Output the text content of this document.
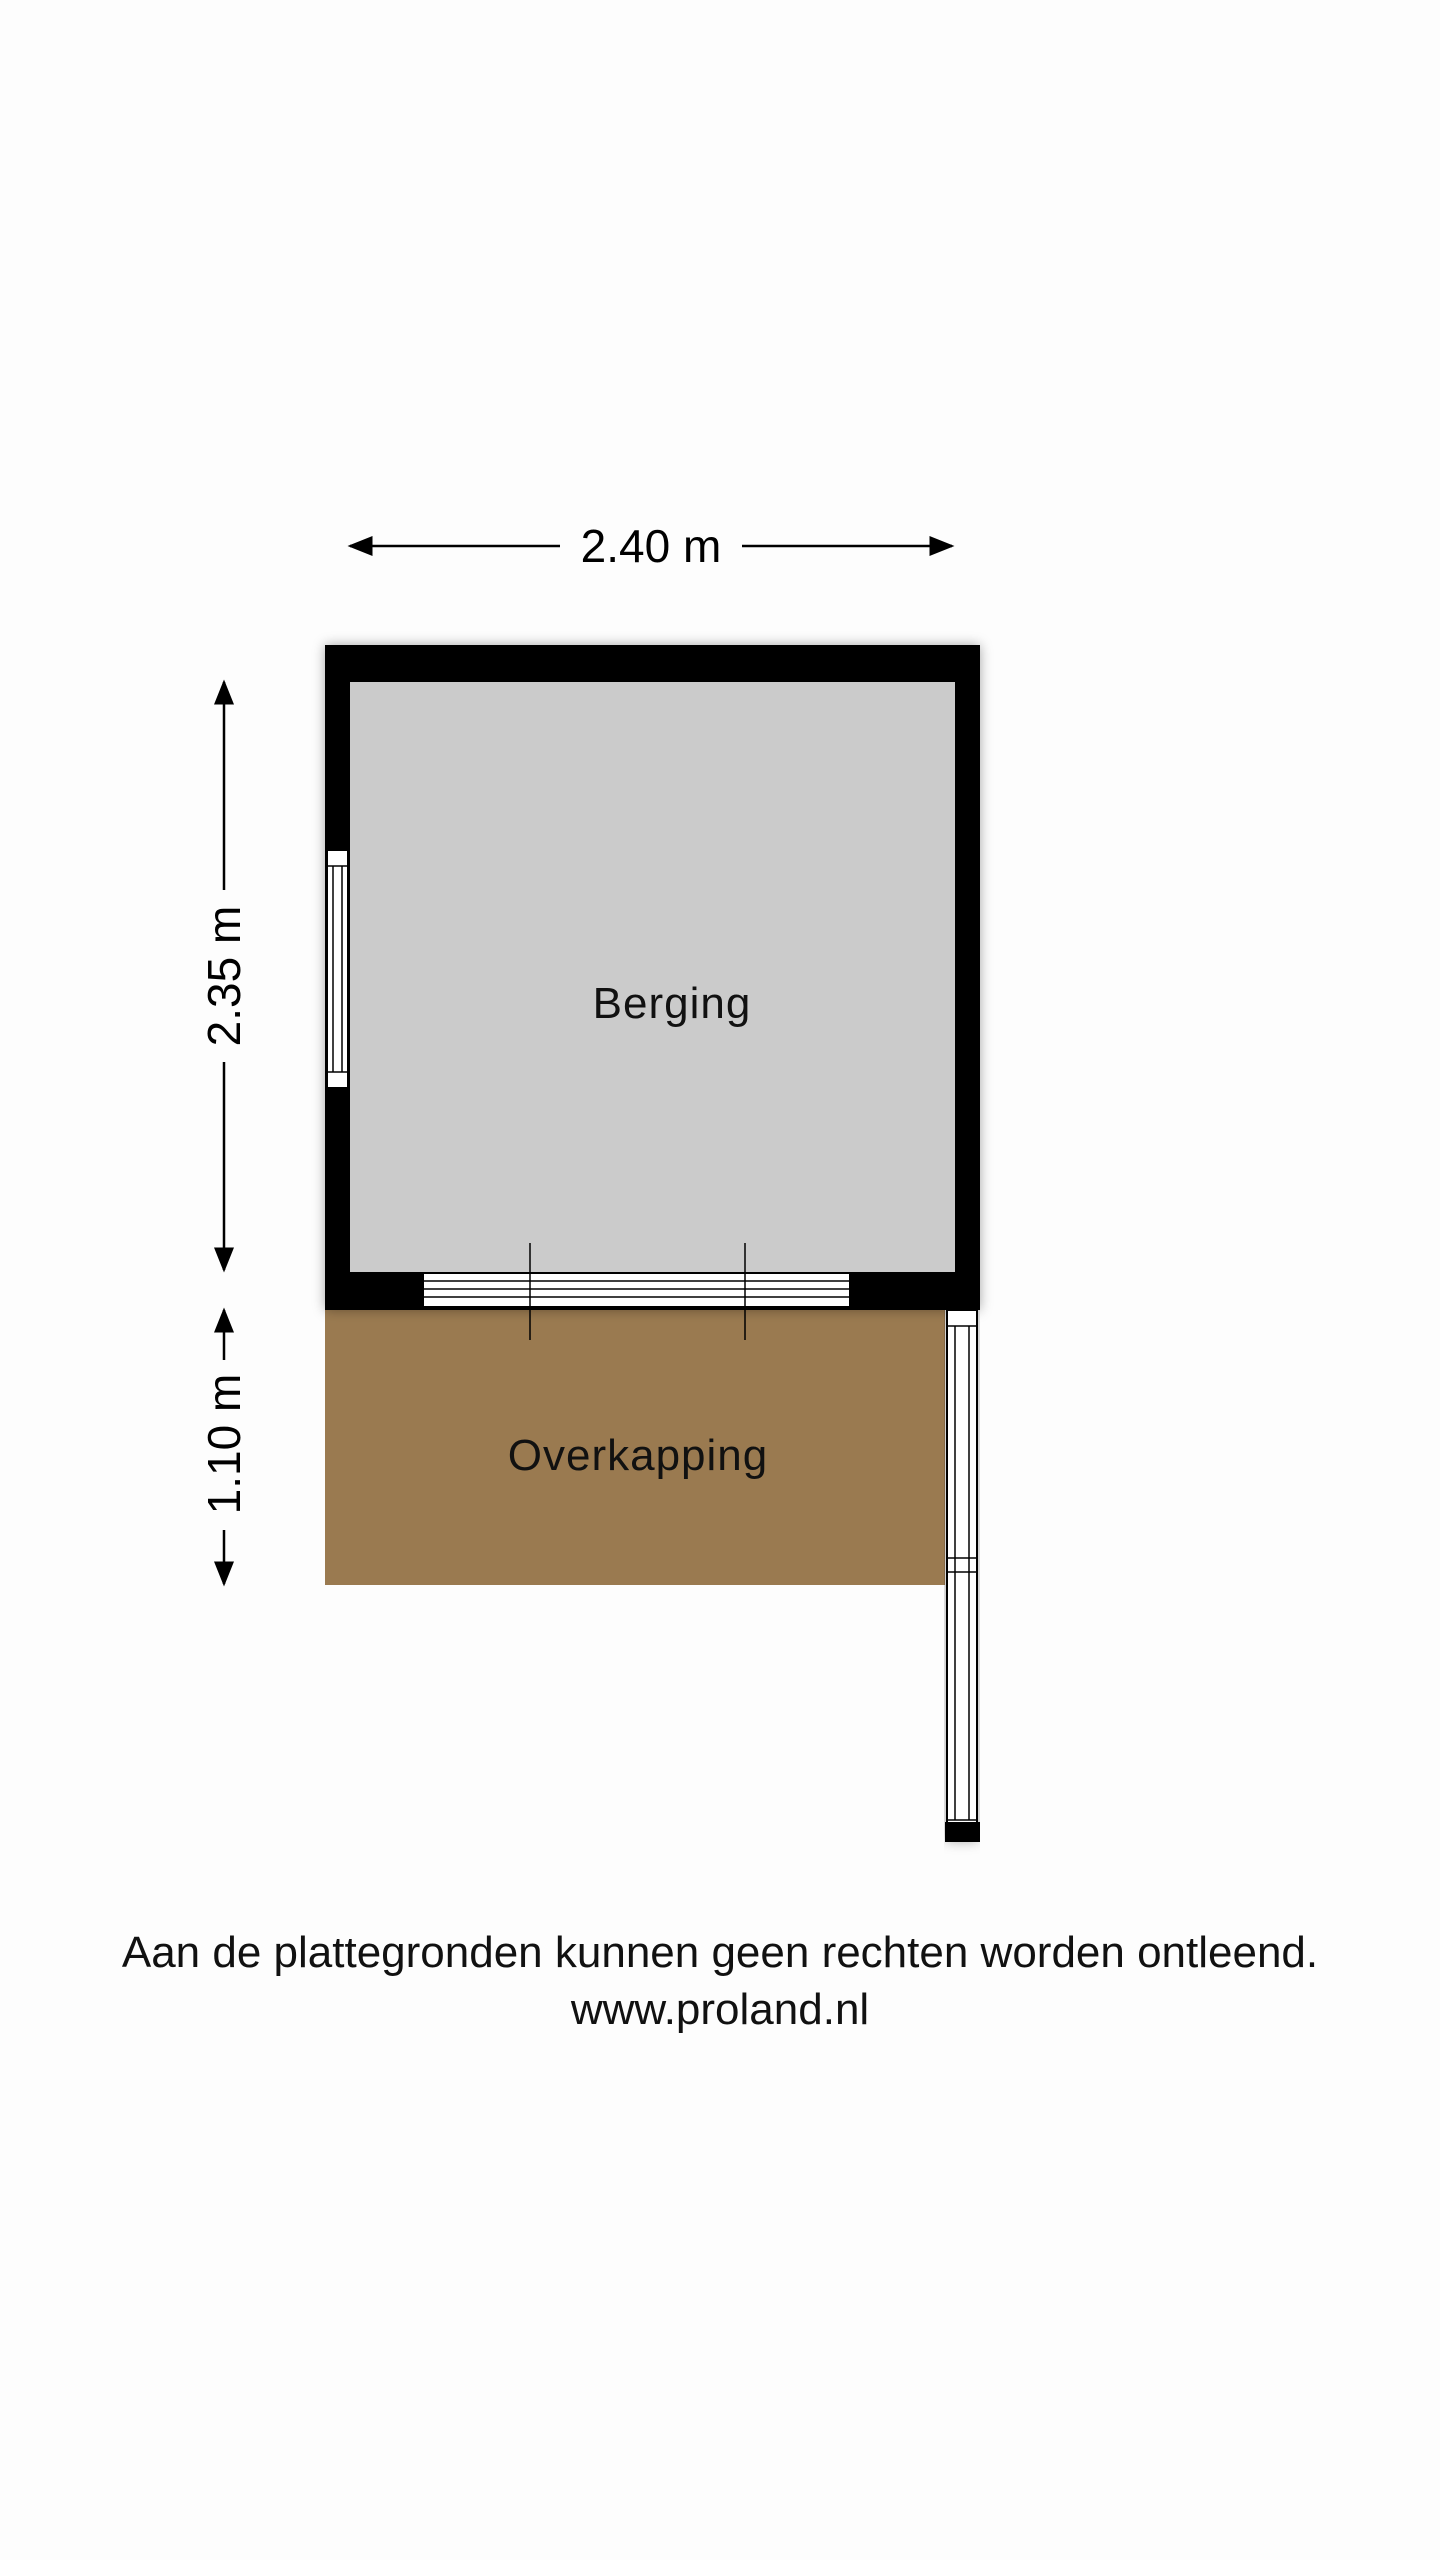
2.40 m
2.35 m
1.10 m
Berging
Overkapping
Aan de plattegronden kunnen geen rechten worden ontleend.
www.proland.nl
